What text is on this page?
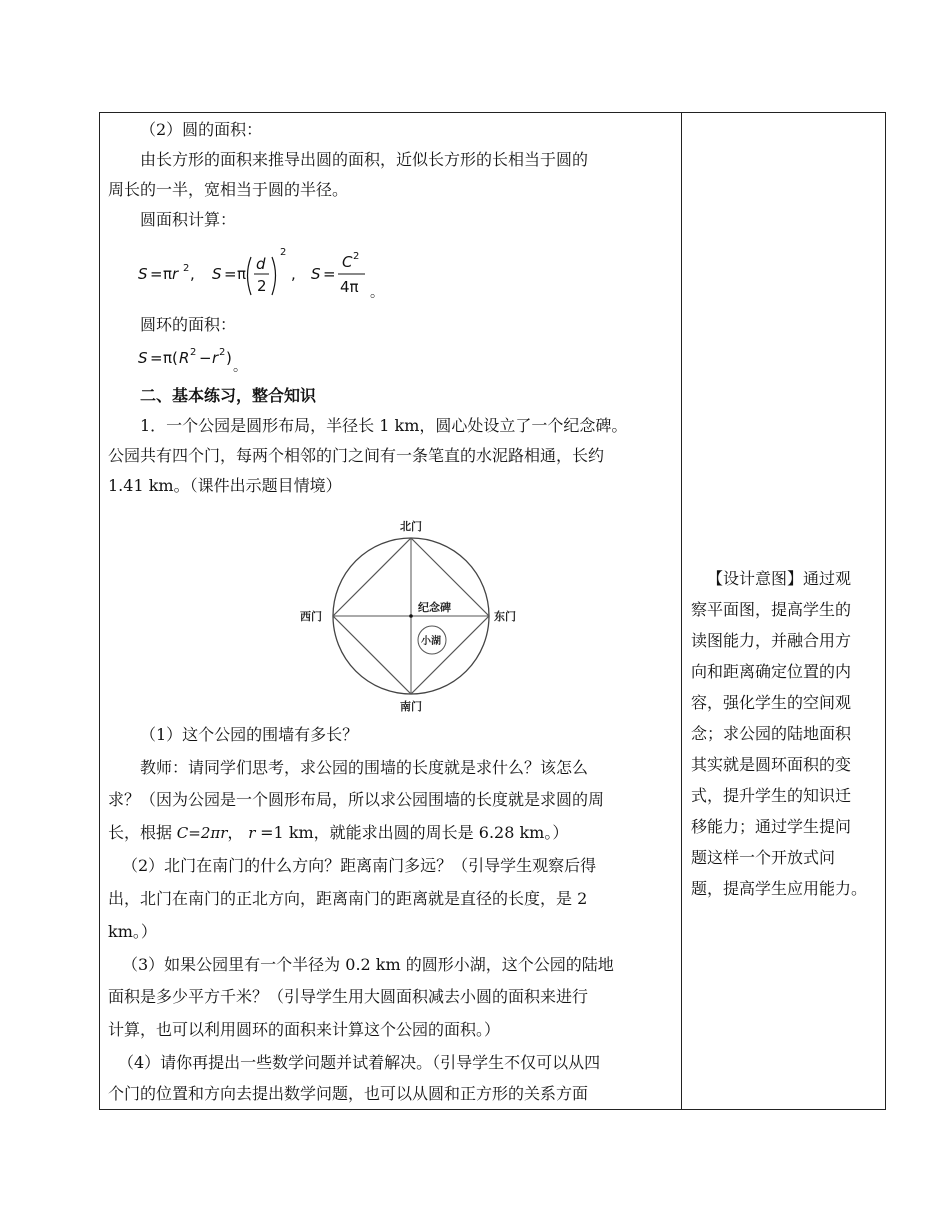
（2）圆的面积：

由长方形的面积来推导出圆的面积，近似长方形的长相当于圆的

周长的一半，宽相当于圆的半径。

圆面积计算：

S = πr 2 , S = π
d
2
2
, S =
C 2
4π 。

圆环的面积：

S = π( R 2 − r 2 ) 。

二、基本练习，整合知识

1．一个公园是圆形布局，半径长 1 km，圆心处设立了一个纪念碑。

公园共有四个门，每两个相邻的门之间有一条笔直的水泥路相通，长约

1.41 km。（课件出示题目情境）

北门
南门
西门	东门
纪念碑
小湖

（1）这个公园的围墙有多长？

教师：请同学们思考，求公园的围墙的长度就是求什么？该怎么

求？（因为公园是一个圆形布局，所以求公园围墙的长度就是求圆的周

长，根据 C=2πr， r =1 km，就能求出圆的周长是 6.28 km。）

（2）北门在南门的什么方向？距离南门多远？（引导学生观察后得

出，北门在南门的正北方向，距离南门的距离就是直径的长度，是 2

km。）

（3）如果公园里有一个半径为 0.2 km 的圆形小湖，这个公园的陆地

面积是多少平方千米？（引导学生用大圆面积减去小圆的面积来进行

计算，也可以利用圆环的面积来计算这个公园的面积。）

（4）请你再提出一些数学问题并试着解决。（引导学生不仅可以从四

个门的位置和方向去提出数学问题，也可以从圆和正方形的关系方面

【设计意图】通过观
察平面图，提高学生的
读图能力，并融合用方
向和距离确定位置的内
容，强化学生的空间观
念；求公园的陆地面积
其实就是圆环面积的变
式，提升学生的知识迁
移能力；通过学生提问
题这样一个开放式问
题，提高学生应用能力。
